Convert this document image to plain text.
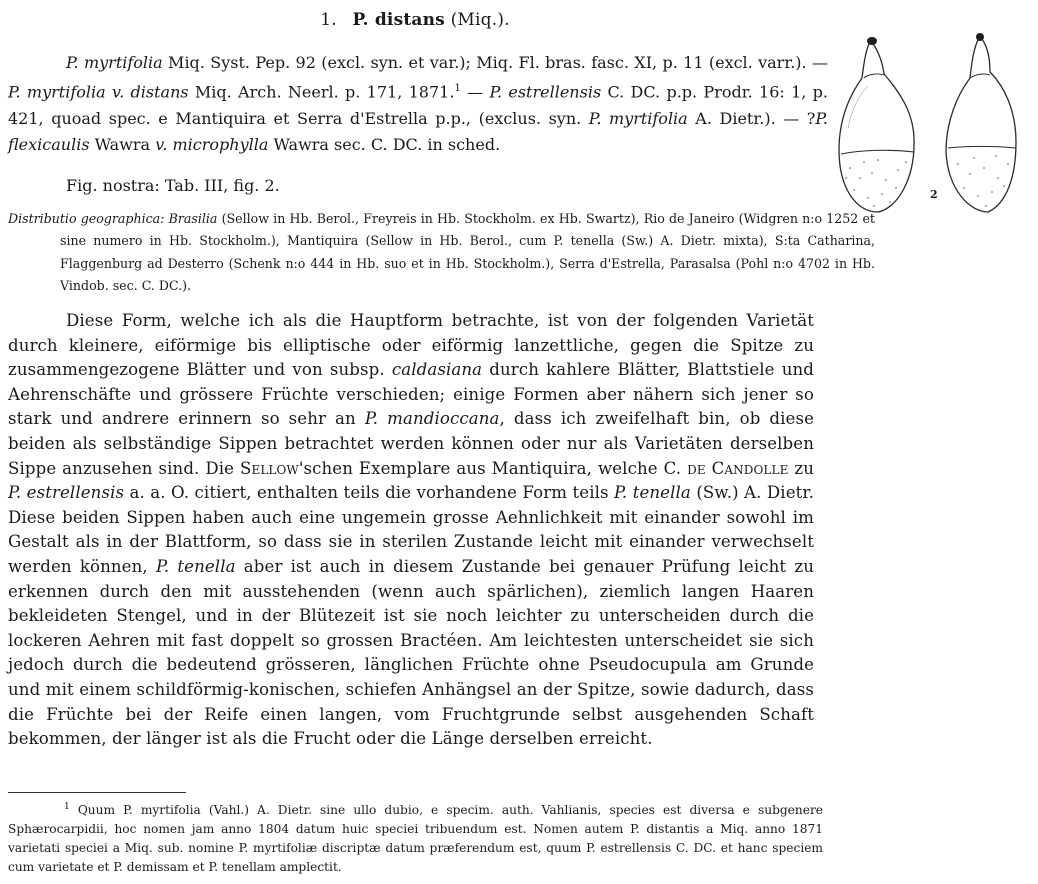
1. P. distans (Miq.).
P. myrtifolia Miq. Syst. Pep. 92 (excl. syn. et var.); Miq. Fl. bras. fasc. XI, p. 11 (excl. varr.). — P. myrtifolia v. distans Miq. Arch. Neerl. p. 171, 1871.$^1$ — P. estrellensis C. DC. p.p. Prodr. 16: 1, p. 421, quoad spec. e Mantiquira et Serra d'Estrella p.p., (exclus. syn. P. myrtifolia A. Dietr.). — ?P. flexicaulis Wawra v. microphylla Wawra sec. C. DC. in sched.
Fig. nostra: Tab. III, fig. 2.
Distributio geographica: Brasilia (Sellow in Hb. Berol., Freyreis in Hb. Stockholm. ex Hb. Swartz), Rio de Janeiro (Widgren n:o 1252 et sine numero in Hb. Stockholm.), Mantiquira (Sellow in Hb. Berol., cum P. tenella (Sw.) A. Dietr. mixta), S:ta Catharina, Flaggenburg ad Desterro (Schenk n:o 444 in Hb. suo et in Hb. Stockholm.), Serra d'Estrella, Parasalsa (Pohl n:o 4702 in Hb. Vindob. sec. C. DC.).
Diese Form, welche ich als die Hauptform betrachte, ist von der folgenden Varietät durch kleinere, eiförmige bis elliptische oder eiförmig lanzettliche, gegen die Spitze zu zusammengezogene Blätter und von subsp. caldasiana durch kahlere Blätter, Blattstiele und Aehrenschäfte und grössere Früchte verschieden; einige Formen aber nähern sich jener so stark und andrere erinnern so sehr an P. mandioccana, dass ich zweifelhaft bin, ob diese beiden als selbständige Sippen betrachtet werden können oder nur als Varietäten derselben Sippe anzusehen sind. Die Sellow'schen Exemplare aus Mantiquira, welche C. de Candolle zu P. estrellensis a. a. O. citiert, enthalten teils die vorhandene Form teils P. tenella (Sw.) A. Dietr. Diese beiden Sippen haben auch eine ungemein grosse Aehnlichkeit mit einander sowohl im Gestalt als in der Blattform, so dass sie in sterilen Zustande leicht mit einander verwechselt werden können, P. tenella aber ist auch in diesem Zustande bei genauer Prüfung leicht zu erkennen durch den mit ausstehenden (wenn auch spärlichen), ziemlich langen Haaren bekleideten Stengel, und in der Blütezeit ist sie noch leichter zu unterscheiden durch die lockeren Aehren mit fast doppelt so grossen Bractéen. Am leichtesten unterscheidet sie sich jedoch durch die bedeutend grösseren, länglichen Früchte ohne Pseudocupula am Grunde und mit einem schildförmig-konischen, schiefen Anhängsel an der Spitze, sowie dadurch, dass die Früchte bei der Reife einen langen, vom Fruchtgrunde selbst ausgehenden Schaft bekommen, der länger ist als die Frucht oder die Länge derselben erreicht.
$^1$ Quum P. myrtifolia (Vahl.) A. Dietr. sine ullo dubio, e specim. auth. Vahlianis, species est diversa e subgenere Sphærocarpidii, hoc nomen jam anno 1804 datum huic speciei tribuendum est. Nomen autem P. distantis a Miq. anno 1871 varietati speciei a Miq. sub. nomine P. myrtifoliæ discriptæ datum præferendum est, quum P. estrellensis C. DC. et hanc speciem cum varietate et P. demissam et P. tenellam amplectit.
2
